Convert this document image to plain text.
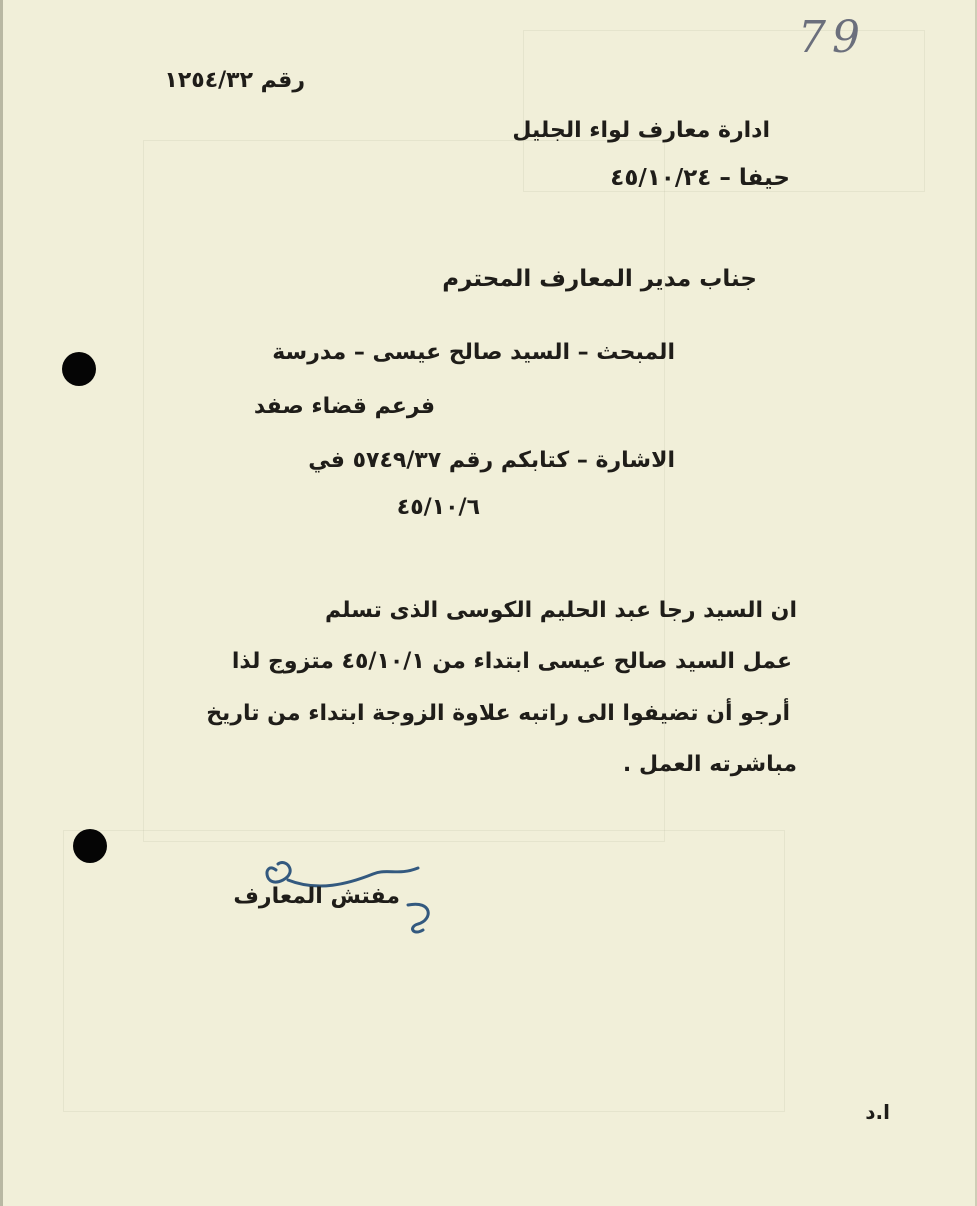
79
رقم ١٢٥٤/٣٢
ادارة معارف لواء الجليل
حيفا – ٤٥/١٠/٢٤
جناب مدير المعارف المحترم
المبحث – السيد صالح عيسى – مدرسة
فرعم قضاء صفد
الاشارة – كتابكم رقم ٥٧٤٩/٣٧ في
٤٥/١٠/٦
ان السيد رجا عبد الحليم الكوسى الذى تسلم
عمل السيد صالح عيسى ابتداء من ٤٥/١٠/١ متزوج لذا
أرجو أن تضيفوا الى راتبه علاوة الزوجة ابتداء من تاريخ
مباشرته العمل .
مفتش المعارف
ا.د
